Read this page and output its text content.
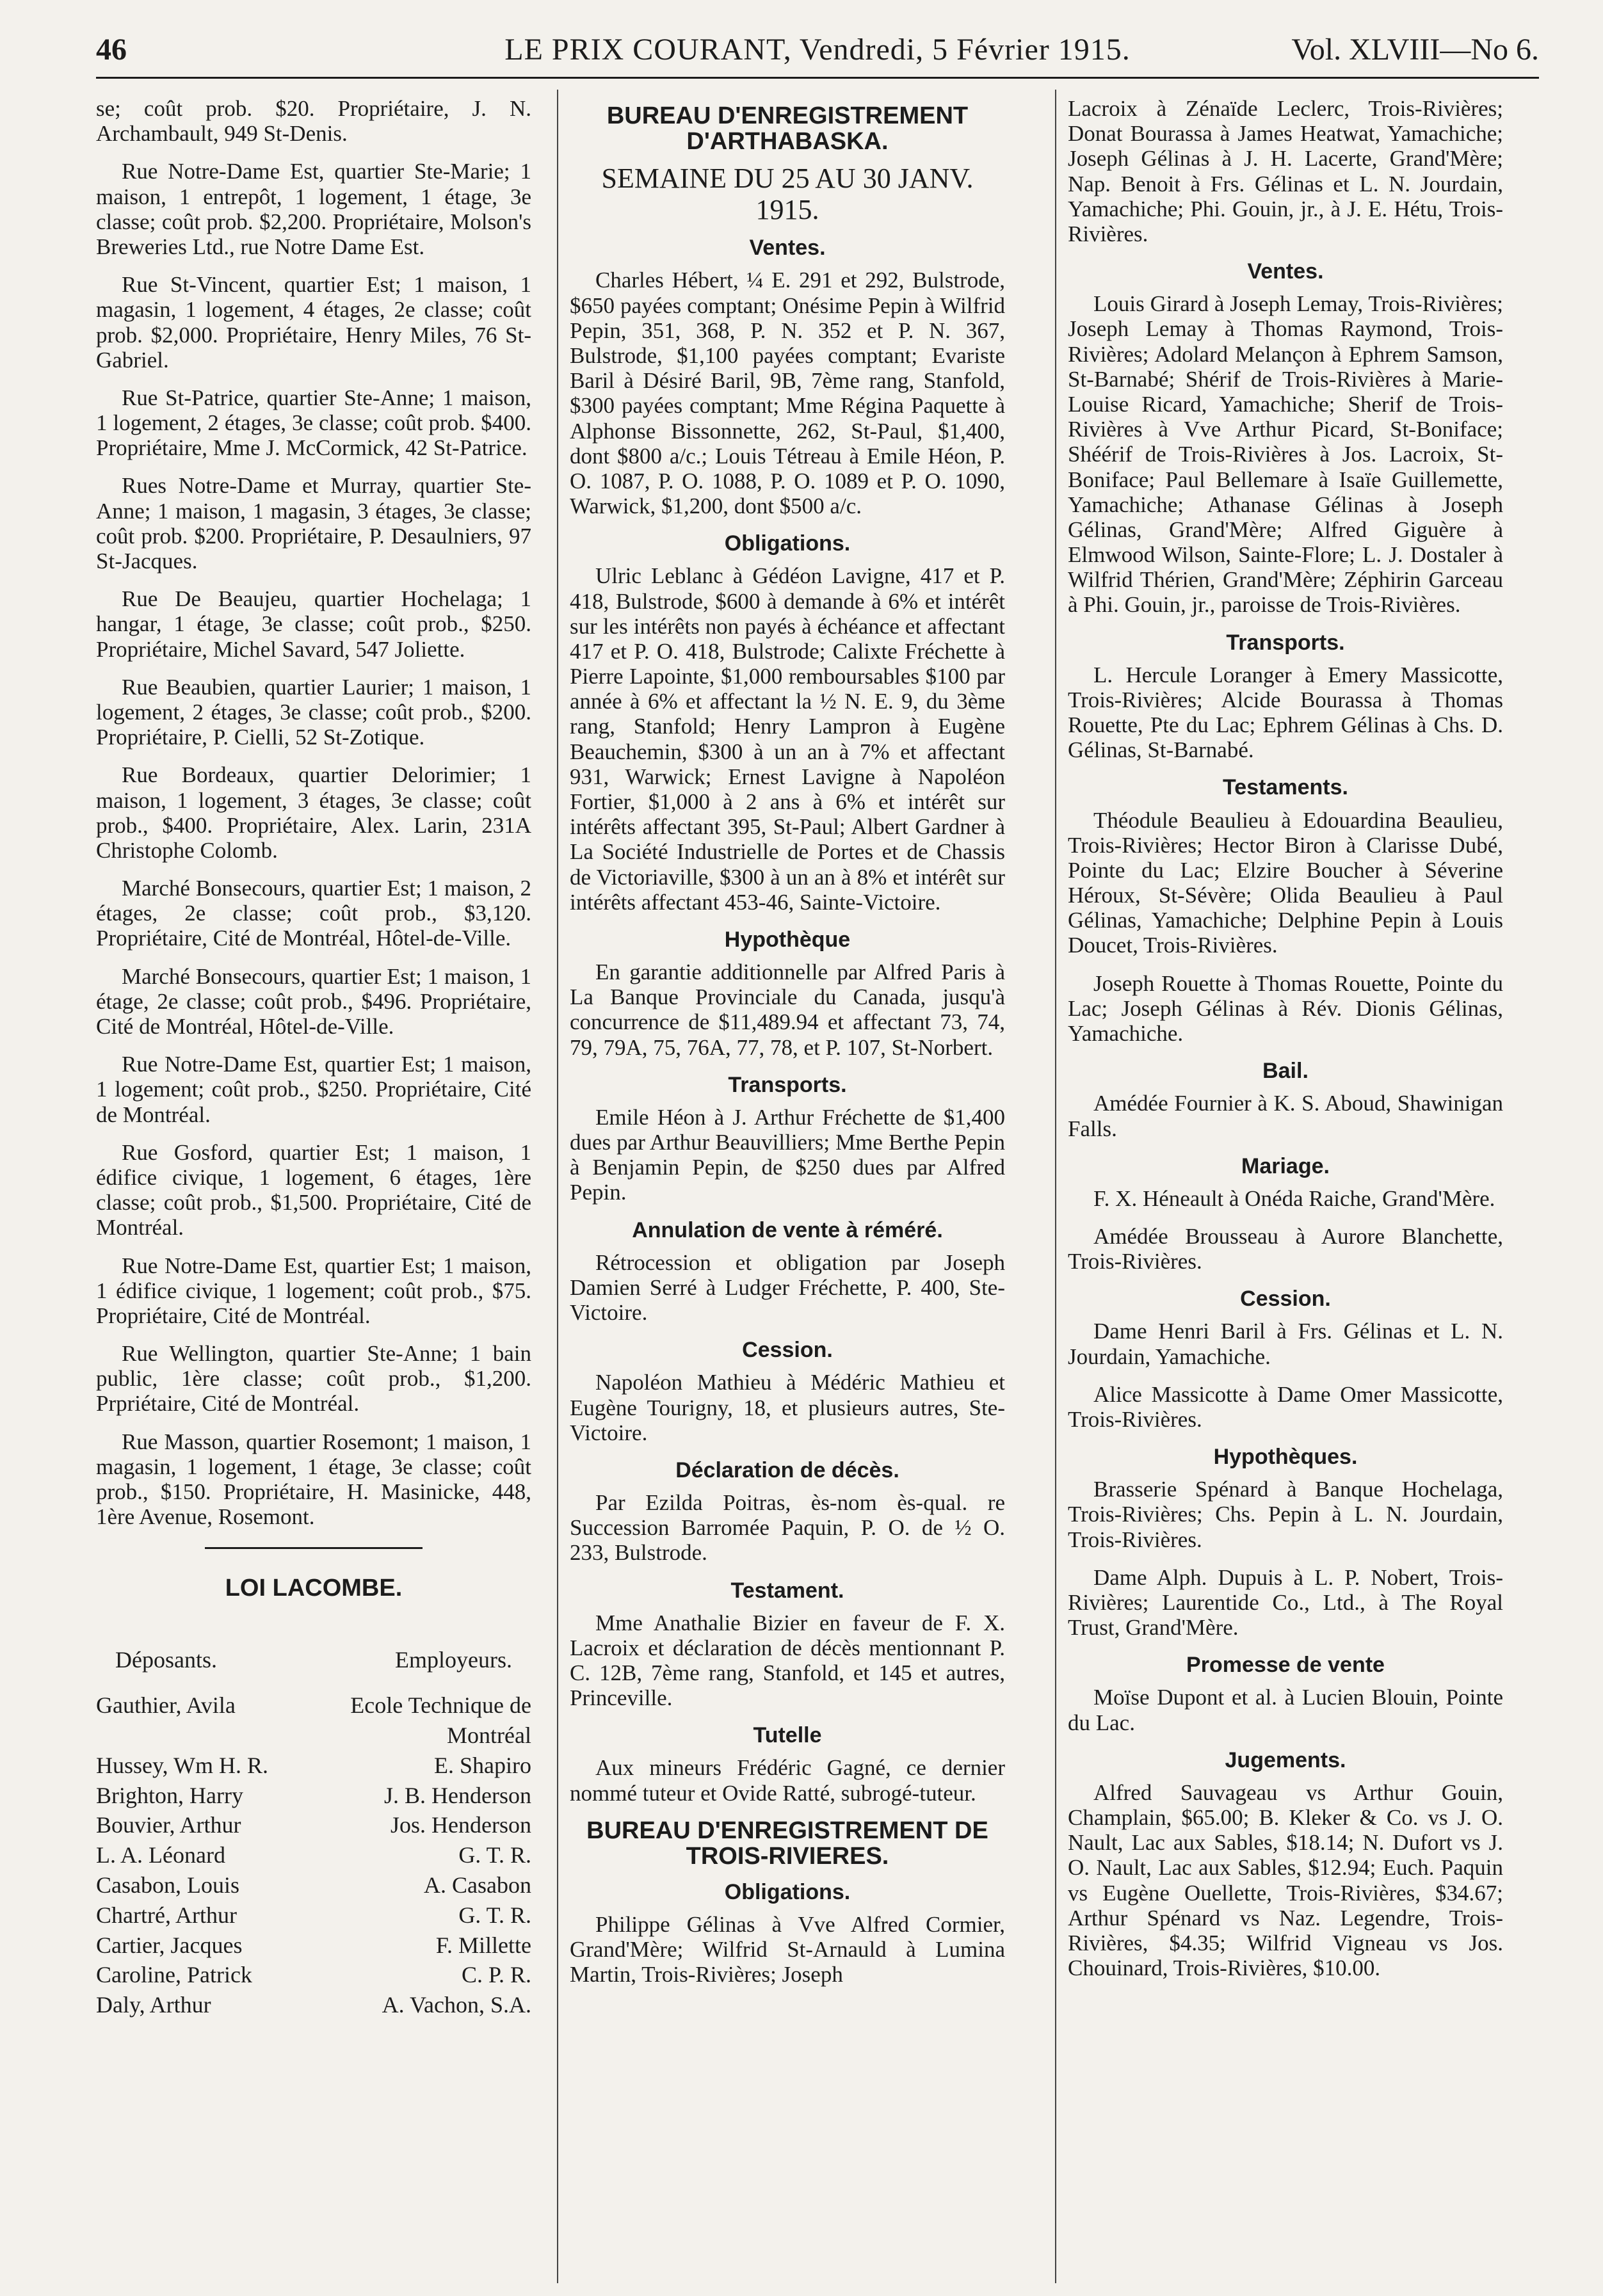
46	LE PRIX COURANT, Vendredi, 5 Février 1915.	Vol. XLVIII—No 6.

se; coût prob. $20. Propriétaire, J. N. Archambault, 949 St-Denis.

Rue Notre-Dame Est, quartier Ste-Marie; 1 maison, 1 entrepôt, 1 logement, 1 étage, 3e classe; coût prob. $2,200. Propriétaire, Molson's Breweries Ltd., rue Notre Dame Est.

Rue St-Vincent, quartier Est; 1 maison, 1 magasin, 1 logement, 4 étages, 2e classe; coût prob. $2,000. Propriétaire, Henry Miles, 76 St-Gabriel.

Rue St-Patrice, quartier Ste-Anne; 1 maison, 1 logement, 2 étages, 3e classe; coût prob. $400. Propriétaire, Mme J. McCormick, 42 St-Patrice.

Rues Notre-Dame et Murray, quartier Ste-Anne; 1 maison, 1 magasin, 3 étages, 3e classe; coût prob. $200. Propriétaire, P. Desaulniers, 97 St-Jacques.

Rue De Beaujeu, quartier Hochelaga; 1 hangar, 1 étage, 3e classe; coût prob., $250. Propriétaire, Michel Savard, 547 Joliette.

Rue Beaubien, quartier Laurier; 1 maison, 1 logement, 2 étages, 3e classe; coût prob., $200. Propriétaire, P. Cielli, 52 St-Zotique.

Rue Bordeaux, quartier Delorimier; 1 maison, 1 logement, 3 étages, 3e classe; coût prob., $400. Propriétaire, Alex. Larin, 231A Christophe Colomb.

Marché Bonsecours, quartier Est; 1 maison, 2 étages, 2e classe; coût prob., $3,120. Propriétaire, Cité de Montréal, Hôtel-de-Ville.

Marché Bonsecours, quartier Est; 1 maison, 1 étage, 2e classe; coût prob., $496. Propriétaire, Cité de Montréal, Hôtel-de-Ville.

Rue Notre-Dame Est, quartier Est; 1 maison, 1 logement; coût prob., $250. Propriétaire, Cité de Montréal.

Rue Gosford, quartier Est; 1 maison, 1 édifice civique, 1 logement, 6 étages, 1ère classe; coût prob., $1,500. Propriétaire, Cité de Montréal.

Rue Notre-Dame Est, quartier Est; 1 maison, 1 édifice civique, 1 logement; coût prob., $75. Propriétaire, Cité de Montréal.

Rue Wellington, quartier Ste-Anne; 1 bain public, 1ère classe; coût prob., $1,200. Prpriétaire, Cité de Montréal.

Rue Masson, quartier Rosemont; 1 maison, 1 magasin, 1 logement, 1 étage, 3e classe; coût prob., $150. Propriétaire, H. Masinicke, 448, 1ère Avenue, Rosemont.

LOI LACOMBE.
Déposants.	Employeurs.
Gauthier, Avila	Ecole Technique de
Montréal
Hussey, Wm H. R.	E. Shapiro
Brighton, Harry	J. B. Henderson
Bouvier, Arthur	Jos. Henderson
L. A. Léonard	G. T. R.
Casabon, Louis	A. Casabon
Chartré, Arthur	G. T. R.
Cartier, Jacques	F. Millette
Caroline, Patrick	C. P. R.
Daly, Arthur	A. Vachon, S.A.
BUREAU D'ENREGISTREMENT D'ARTHABASKA.
SEMAINE DU 25 AU 30 JANV. 1915.
Ventes.

Charles Hébert, ¼ E. 291 et 292, Bulstrode, $650 payées comptant; Onésime Pepin à Wilfrid Pepin, 351, 368, P. N. 352 et P. N. 367, Bulstrode, $1,100 payées comptant; Evariste Baril à Désiré Baril, 9B, 7ème rang, Stanfold, $300 payées comptant; Mme Régina Paquette à Alphonse Bissonnette, 262, St-Paul, $1,400, dont $800 a/c.; Louis Tétreau à Emile Héon, P. O. 1087, P. O. 1088, P. O. 1089 et P. O. 1090, Warwick, $1,200, dont $500 a/c.

Obligations.

Ulric Leblanc à Gédéon Lavigne, 417 et P. 418, Bulstrode, $600 à demande à 6% et intérêt sur les intérêts non payés à échéance et affectant 417 et P. O. 418, Bulstrode; Calixte Fréchette à Pierre Lapointe, $1,000 remboursables $100 par année à 6% et affectant la ½ N. E. 9, du 3ème rang, Stanfold; Henry Lampron à Eugène Beauchemin, $300 à un an à 7% et affectant 931, Warwick; Ernest Lavigne à Napoléon Fortier, $1,000 à 2 ans à 6% et intérêt sur intérêts affectant 395, St-Paul; Albert Gardner à La Société Industrielle de Portes et de Chassis de Victoriaville, $300 à un an à 8% et intérêt sur intérêts affectant 453-46, Sainte-Victoire.

Hypothèque

En garantie additionnelle par Alfred Paris à La Banque Provinciale du Canada, jusqu'à concurrence de $11,489.94 et affectant 73, 74, 79, 79A, 75, 76A, 77, 78, et P. 107, St-Norbert.

Transports.

Emile Héon à J. Arthur Fréchette de $1,400 dues par Arthur Beauvilliers; Mme Berthe Pepin à Benjamin Pepin, de $250 dues par Alfred Pepin.

Annulation de vente à réméré.

Rétrocession et obligation par Joseph Damien Serré à Ludger Fréchette, P. 400, Ste-Victoire.

Cession.

Napoléon Mathieu à Médéric Mathieu et Eugène Tourigny, 18, et plusieurs autres, Ste-Victoire.

Déclaration de décès.

Par Ezilda Poitras, ès-nom ès-qual. re Succession Barromée Paquin, P. O. de ½ O. 233, Bulstrode.

Testament.

Mme Anathalie Bizier en faveur de F. X. Lacroix et déclaration de décès mentionnant P. C. 12B, 7ème rang, Stanfold, et 145 et autres, Princeville.

Tutelle

Aux mineurs Frédéric Gagné, ce dernier nommé tuteur et Ovide Ratté, subrogé-tuteur.

BUREAU D'ENREGISTREMENT DE TROIS-RIVIERES.
Obligations.

Philippe Gélinas à Vve Alfred Cormier, Grand'Mère; Wilfrid St-Arnauld à Lumina Martin, Trois-Rivières; Joseph

Lacroix à Zénaïde Leclerc, Trois-Rivières; Donat Bourassa à James Heatwat, Yamachiche; Joseph Gélinas à J. H. Lacerte, Grand'Mère; Nap. Benoit à Frs. Gélinas et L. N. Jourdain, Yamachiche; Phi. Gouin, jr., à J. E. Hétu, Trois-Rivières.

Ventes.

Louis Girard à Joseph Lemay, Trois-Rivières; Joseph Lemay à Thomas Raymond, Trois-Rivières; Adolard Melançon à Ephrem Samson, St-Barnabé; Shérif de Trois-Rivières à Marie-Louise Ricard, Yamachiche; Sherif de Trois-Rivières à Vve Arthur Picard, St-Boniface; Shéérif de Trois-Rivières à Jos. Lacroix, St-Boniface; Paul Bellemare à Isaïe Guillemette, Yamachiche; Athanase Gélinas à Joseph Gélinas, Grand'Mère; Alfred Giguère à Elmwood Wilson, Sainte-Flore; L. J. Dostaler à Wilfrid Thérien, Grand'Mère; Zéphirin Garceau à Phi. Gouin, jr., paroisse de Trois-Rivières.

Transports.

L. Hercule Loranger à Emery Massicotte, Trois-Rivières; Alcide Bourassa à Thomas Rouette, Pte du Lac; Ephrem Gélinas à Chs. D. Gélinas, St-Barnabé.

Testaments.

Théodule Beaulieu à Edouardina Beaulieu, Trois-Rivières; Hector Biron à Clarisse Dubé, Pointe du Lac; Elzire Boucher à Séverine Héroux, St-Sévère; Olida Beaulieu à Paul Gélinas, Yamachiche; Delphine Pepin à Louis Doucet, Trois-Rivières.

Joseph Rouette à Thomas Rouette, Pointe du Lac; Joseph Gélinas à Rév. Dionis Gélinas, Yamachiche.

Bail.

Amédée Fournier à K. S. Aboud, Shawinigan Falls.

Mariage.

F. X. Héneault à Onéda Raiche, Grand'Mère.

Amédée Brousseau à Aurore Blanchette, Trois-Rivières.

Cession.

Dame Henri Baril à Frs. Gélinas et L. N. Jourdain, Yamachiche.

Alice Massicotte à Dame Omer Massicotte, Trois-Rivières.

Hypothèques.

Brasserie Spénard à Banque Hochelaga, Trois-Rivières; Chs. Pepin à L. N. Jourdain, Trois-Rivières.

Dame Alph. Dupuis à L. P. Nobert, Trois-Rivières; Laurentide Co., Ltd., à The Royal Trust, Grand'Mère.

Promesse de vente

Moïse Dupont et al. à Lucien Blouin, Pointe du Lac.

Jugements.

Alfred Sauvageau vs Arthur Gouin, Champlain, $65.00; B. Kleker & Co. vs J. O. Nault, Lac aux Sables, $18.14; N. Dufort vs J. O. Nault, Lac aux Sables, $12.94; Euch. Paquin vs Eugène Ouellette, Trois-Rivières, $34.67; Arthur Spénard vs Naz. Legendre, Trois-Rivières, $4.35; Wilfrid Vigneau vs Jos. Chouinard, Trois-Rivières, $10.00.
